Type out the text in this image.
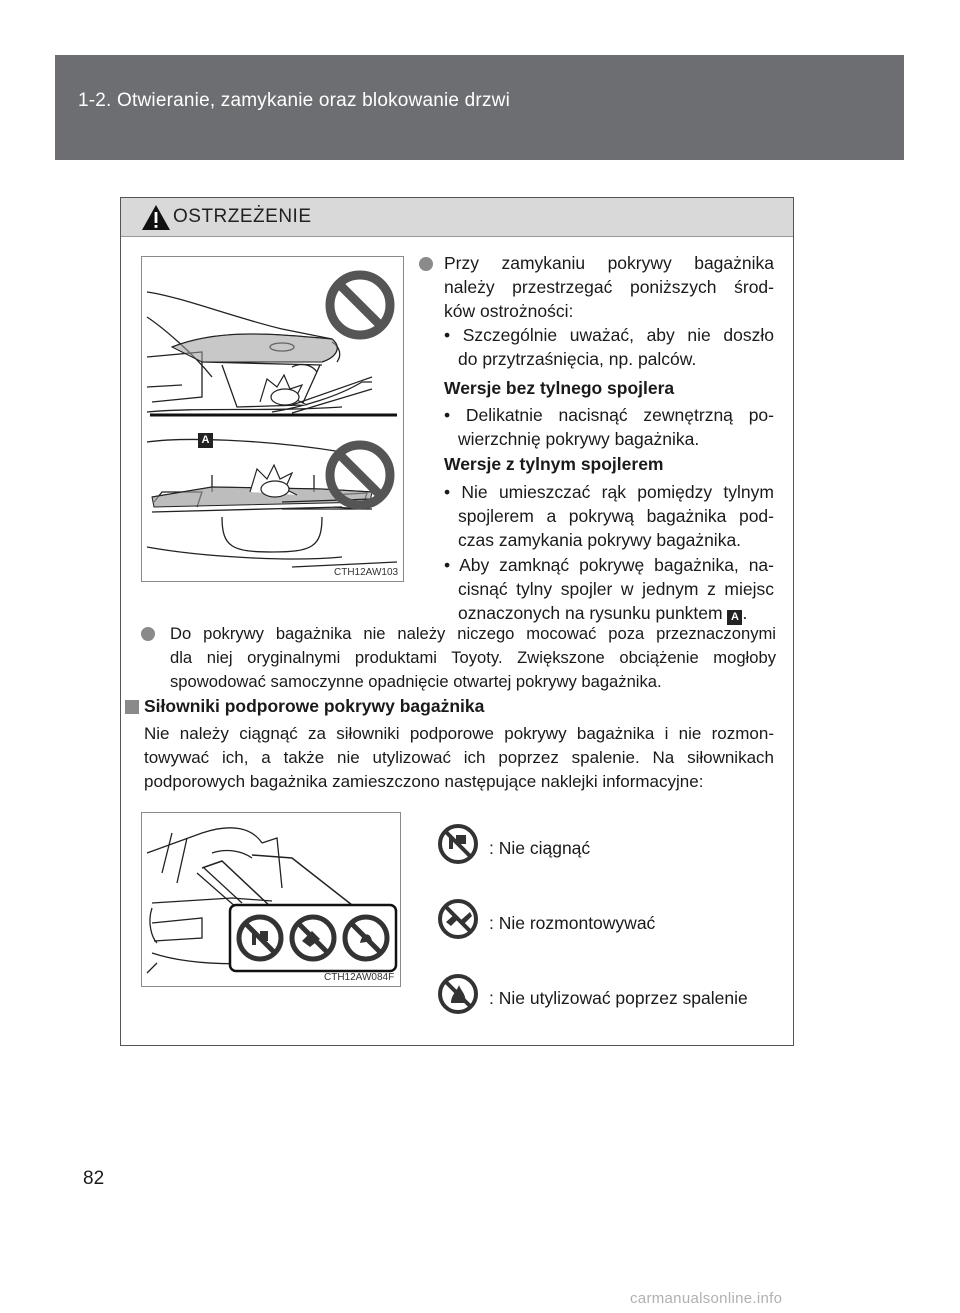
1-2. Otwieranie, zamykanie oraz blokowanie drzwi
OSTRZEŻENIE
A
CTH12AW103
Przy zamykaniu pokrywy bagażnika
należy przestrzegać poniższych środ-
ków ostrożności:
• Szczególnie uważać, aby nie doszło
do przytrzaśnięcia, np. palców.
Wersje bez tylnego spojlera
• Delikatnie nacisnąć zewnętrzną po-
wierzchnię pokrywy bagażnika.
Wersje z tylnym spojlerem
• Nie umieszczać rąk pomiędzy tylnym
spojlerem a pokrywą bagażnika pod-
czas zamykania pokrywy bagażnika.
• Aby zamknąć pokrywę bagażnika, na-
cisnąć tylny spojler w jednym z miejsc
oznaczonych na rysunku punktem A .
Do pokrywy bagażnika nie należy niczego mocować poza przeznaczonymi
dla niej oryginalnymi produktami Toyoty. Zwiększone obciążenie mogłoby
spowodować samoczynne opadnięcie otwartej pokrywy bagażnika.
Siłowniki podporowe pokrywy bagażnika
Nie należy ciągnąć za siłowniki podporowe pokrywy bagażnika i nie rozmon-
towywać ich, a także nie utylizować ich poprzez spalenie. Na siłownikach
podporowych bagażnika zamieszczono następujące naklejki informacyjne:
CTH12AW084F
: Nie ciągnąć
: Nie rozmontowywać
: Nie utylizować poprzez spalenie
82
carmanualsonline.info
